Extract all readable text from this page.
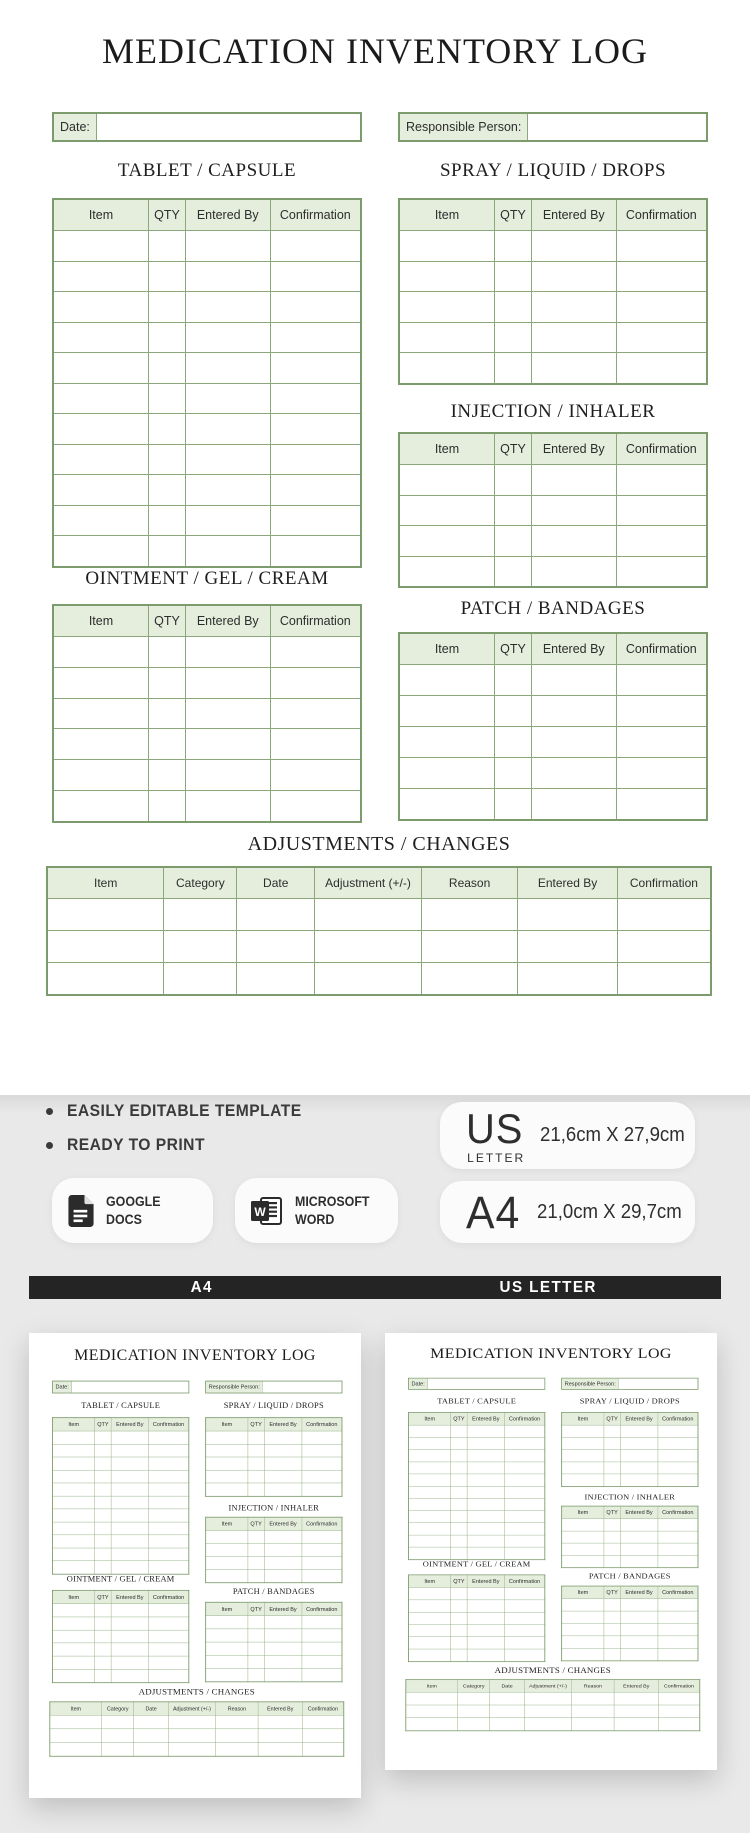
MEDICATION INVENTORY LOG
Date:	Responsible Person:
TABLET / CAPSULE
Item	QTY	Entered By	Confirmation

OINTMENT / GEL / CREAM
Item	QTY	Entered By	Confirmation

SPRAY / LIQUID / DROPS
Item	QTY	Entered By	Confirmation

INJECTION / INHALER
Item	QTY	Entered By	Confirmation

PATCH / BANDAGES
Item	QTY	Entered By	Confirmation

ADJUSTMENTS / CHANGES
Item	Category	Date	Adjustment (+/-)	Reason	Entered By	Confirmation

EASILY EDITABLE TEMPLATE
READY TO PRINT	US
LETTER
21,6cm X 27,9cm
A4 21,0cm X 29,7cm
GOOGLE DOCS	W
MICROSOFT WORD
A4	US LETTER
MEDICATION INVENTORY LOG
Date:	Responsible Person:
TABLET / CAPSULE
Item	QTY	Entered By	Confirmation

OINTMENT / GEL / CREAM
Item	QTY	Entered By	Confirmation

SPRAY / LIQUID / DROPS
Item	QTY	Entered By	Confirmation

INJECTION / INHALER
Item	QTY	Entered By	Confirmation

PATCH / BANDAGES
Item	QTY	Entered By	Confirmation

ADJUSTMENTS / CHANGES
Item	Category	Date	Adjustment (+/-)	Reason	Entered By	Confirmation

MEDICATION INVENTORY LOG
Date:	Responsible Person:
TABLET / CAPSULE
Item	QTY	Entered By	Confirmation

OINTMENT / GEL / CREAM
Item	QTY	Entered By	Confirmation

SPRAY / LIQUID / DROPS
Item	QTY	Entered By	Confirmation

INJECTION / INHALER
Item	QTY	Entered By	Confirmation

PATCH / BANDAGES
Item	QTY	Entered By	Confirmation

ADJUSTMENTS / CHANGES
Item	Category	Date	Adjustment (+/-)	Reason	Entered By	Confirmation
